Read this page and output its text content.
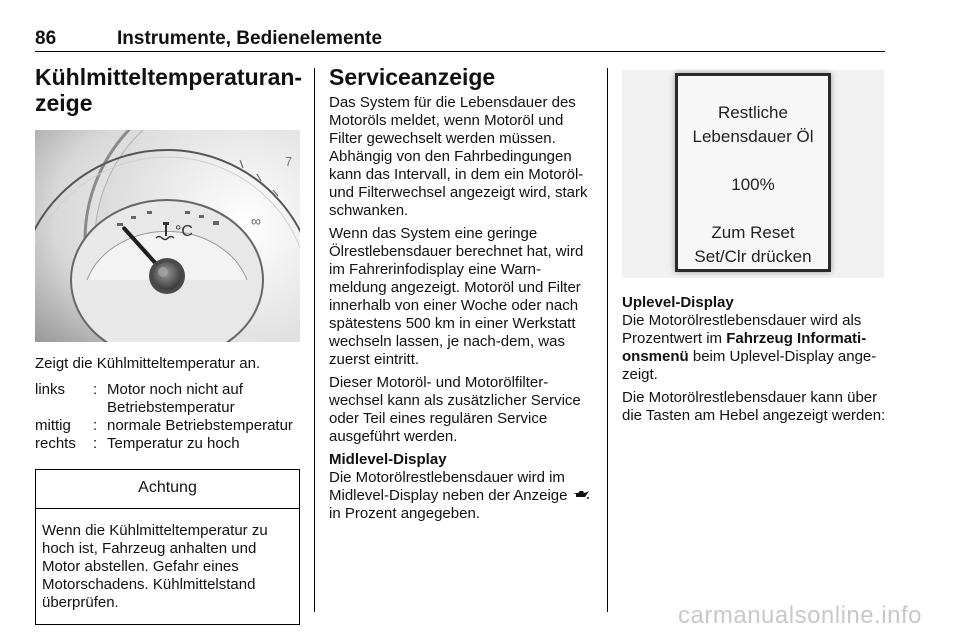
86	Instrumente, Bedienelemente
Kühlmitteltemperaturan-
zeige
7
∞
°C

Zeigt die Kühlmitteltemperatur an.

links	:	Motor noch nicht auf
Betriebstemperatur
mittig	:	normale Betriebstemperatur
rechts	:	Temperatur zu hoch
Achtung
Wenn die Kühlmitteltemperatur zu hoch ist, Fahrzeug anhalten und Motor abstellen. Gefahr eines Motorschadens. Kühlmittelstand überprüfen.
Serviceanzeige

Das System für die Lebensdauer des Motoröls meldet, wenn Motoröl und Filter gewechselt werden müssen. Abhängig von den Fahrbedingungen kann das Intervall, in dem ein Motoröl- und Filterwechsel angezeigt wird, stark schwanken.

Wenn das System eine geringe Ölrestlebensdauer berechnet hat, wird im Fahrerinfodisplay eine Warn-meldung angezeigt. Motoröl und Filter innerhalb von einer Woche oder nach spätestens 500 km in einer Werkstatt wechseln lassen, je nach-dem, was zuerst eintritt.

Dieser Motoröl- und Motorölfilter-wechsel kann als zusätzlicher Service oder Teil eines regulären Service ausgeführt werden.

Midlevel-Display

Die Motorölrestlebensdauer wird im Midlevel-Display neben der Anzeige  in Prozent angegeben.

Restliche
Lebensdauer Öl
100%
Zum Reset
Set/Clr drücken
Uplevel-Display

Die Motorölrestlebensdauer wird als Prozentwert im Fahrzeug Informati-onsmenü beim Uplevel-Display ange-zeigt.

Die Motorölrestlebensdauer kann über die Tasten am Hebel angezeigt werden:

carmanualsonline.info
